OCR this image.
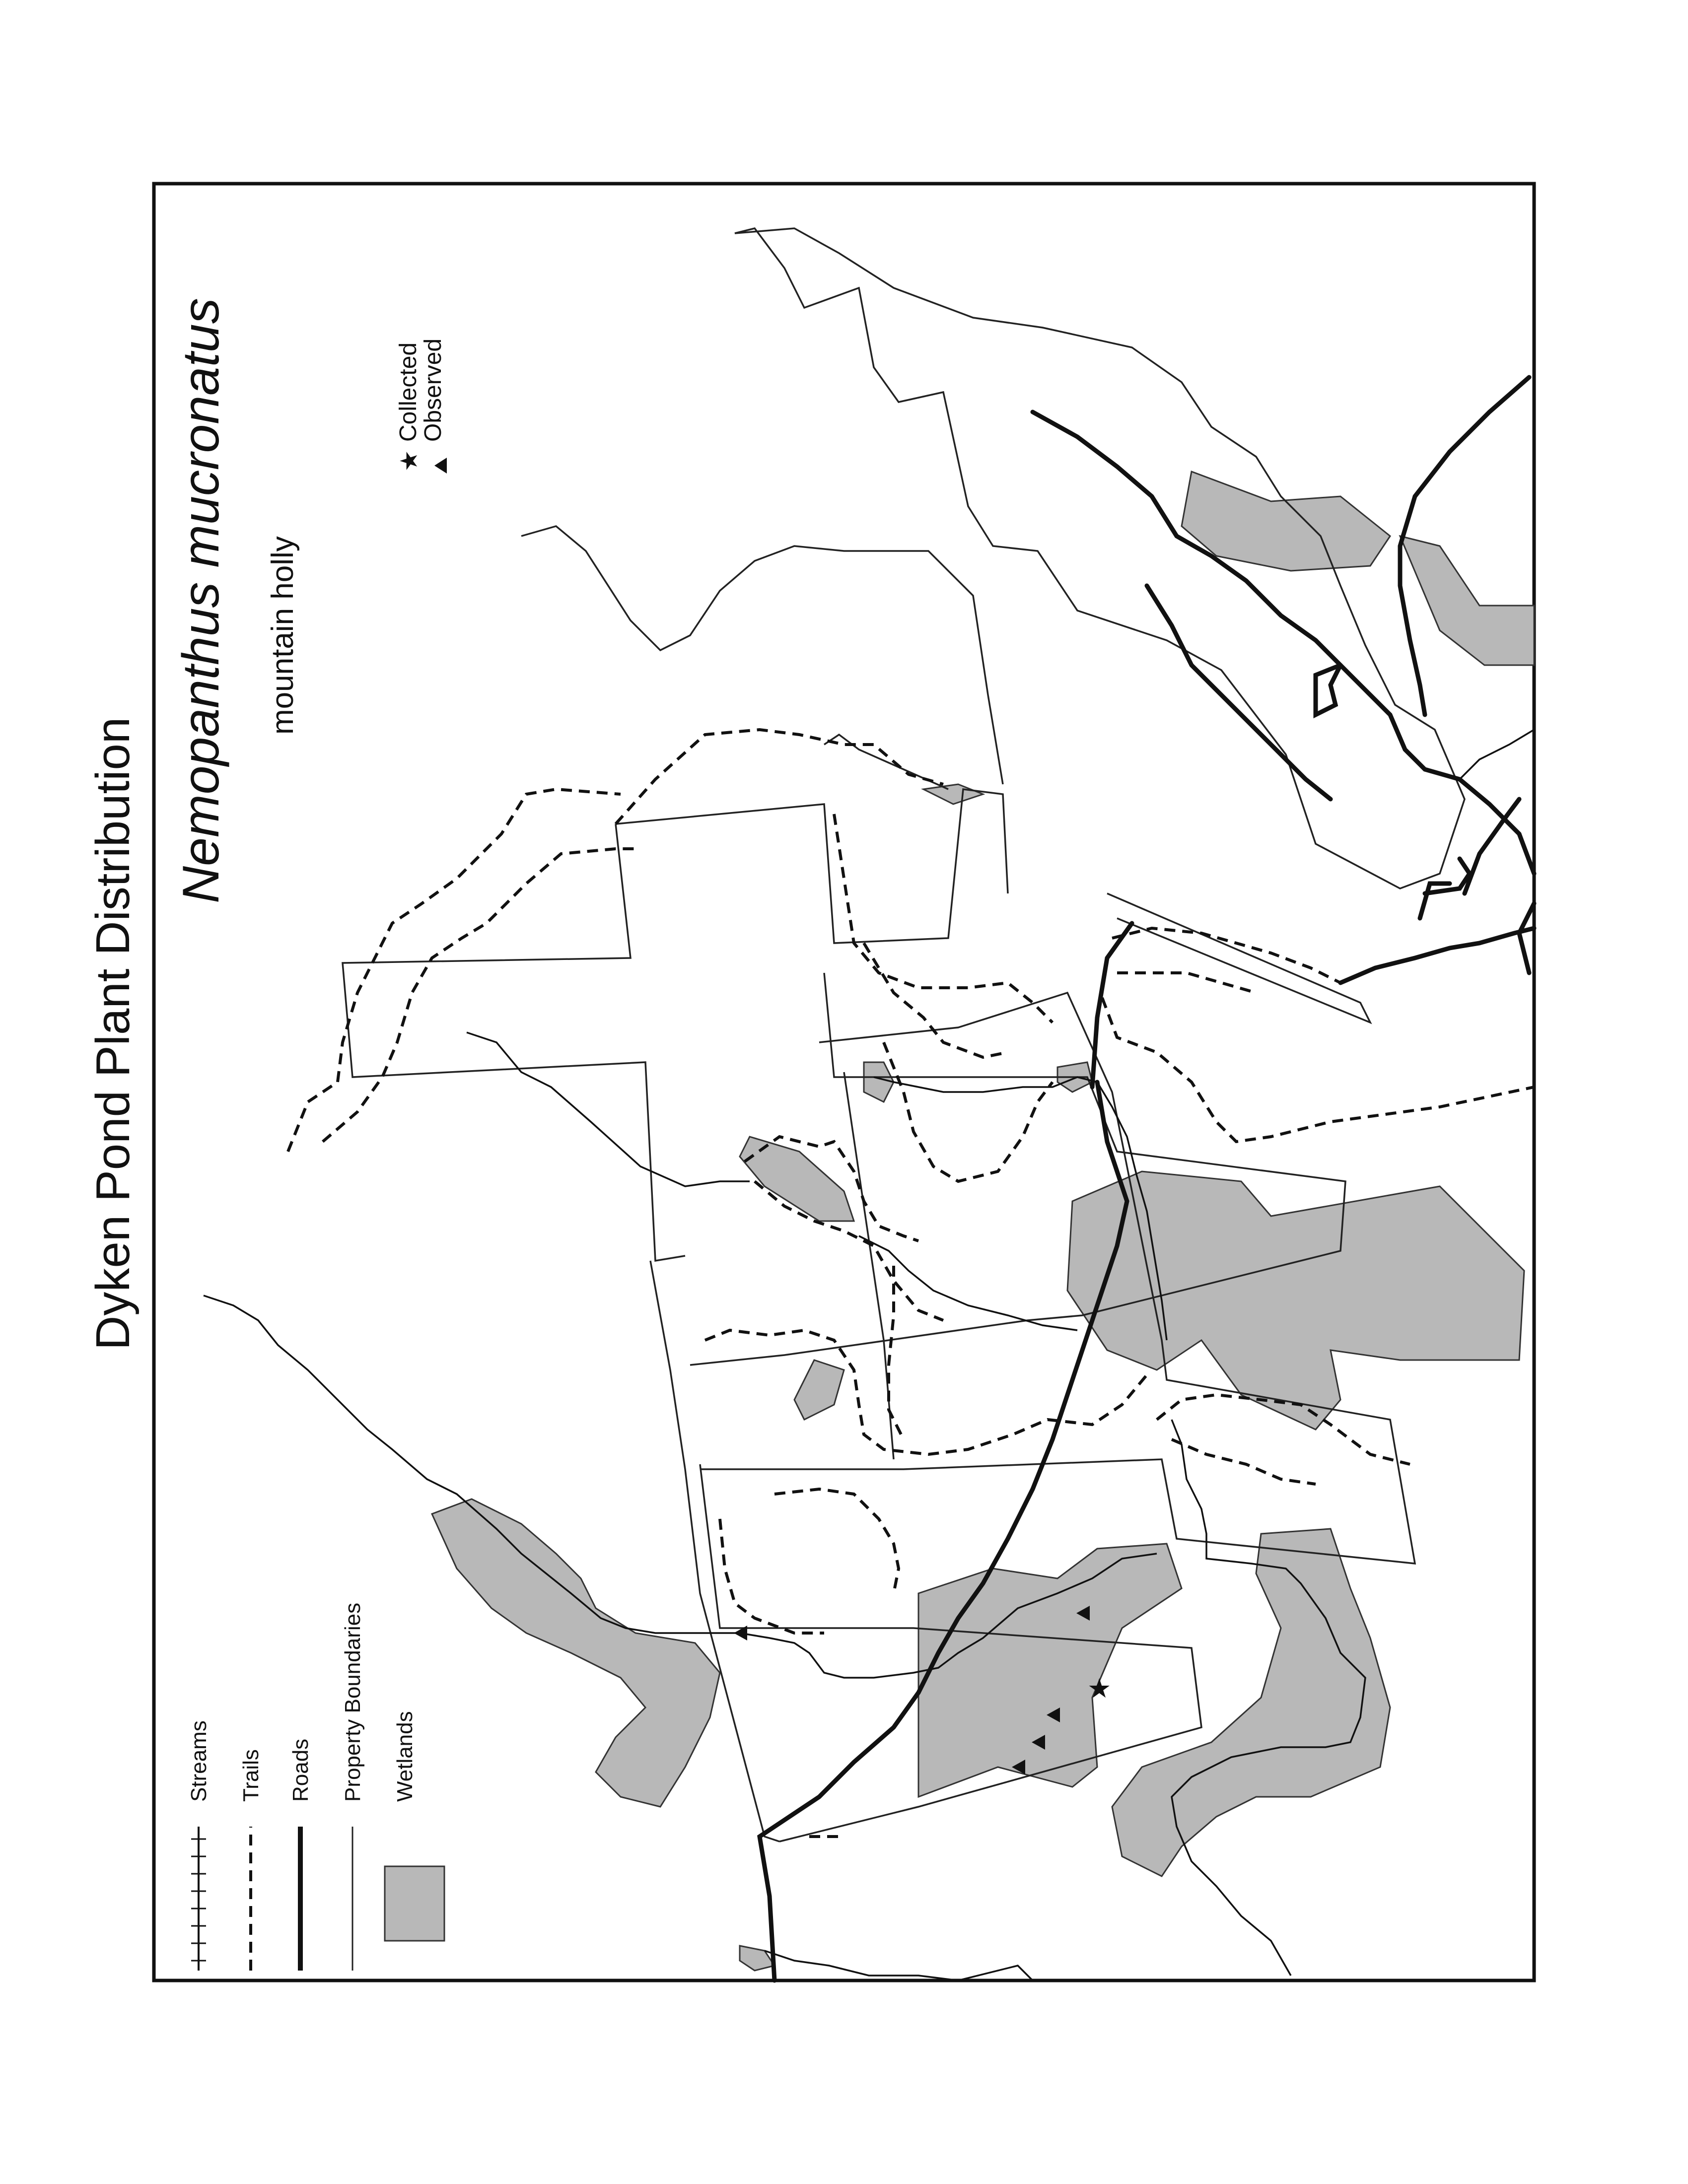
★
Dyken Pond Plant Distribution
Nemopanthus mucronatus mountain holly
★
Collected
Observed
Streams Trails Roads Property Boundaries Wetlands
